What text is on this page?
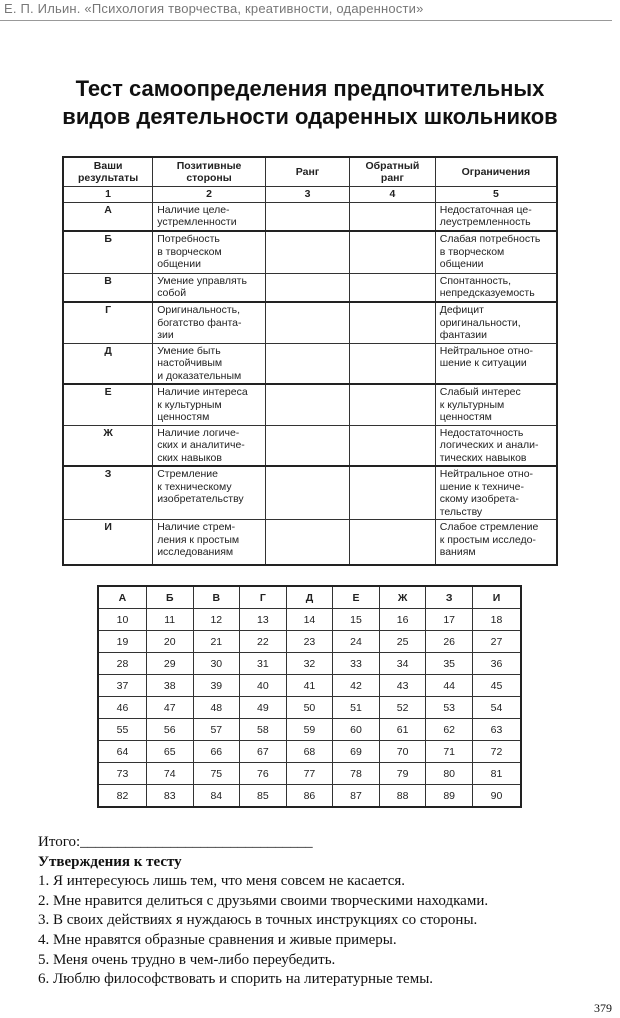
Е. П. Ильин. «Психология творчества, креативности, одаренности»
Тест самоопределения предпочтительных
видов деятельности одаренных школьников
Ваши
результаты	Позитивные
стороны	Ранг	Обратный
ранг	Ограничения
1	2	3	4	5
А	Наличие целе-
устремленности			Недостаточная це-
леустремленность
Б	Потребность
в творческом
общении			Слабая потребность
в творческом
общении
В	Умение управлять
собой			Спонтанность,
непредсказуемость
Г	Оригинальность,
богатство фанта-
зии			Дефицит
оригинальности,
фантазии
Д	Умение быть
настойчивым
и доказательным			Нейтральное отно-
шение к ситуации
Е	Наличие интереса
к культурным
ценностям			Слабый интерес
к культурным
ценностям
Ж	Наличие логиче-
ских и аналитиче-
ских навыков			Недостаточность
логических и анали-
тических навыков
З	Стремление
к техническому
изобретательству			Нейтральное отно-
шение к техниче-
скому изобрета-
тельству
И	Наличие стрем-
ления к простым
исследованиям			Слабое стремление
к простым исследо-
ваниям
А	Б	В	Г	Д	Е	Ж	З	И
10	11	12	13	14	15	16	17	18
19	20	21	22	23	24	25	26	27
28	29	30	31	32	33	34	35	36
37	38	39	40	41	42	43	44	45
46	47	48	49	50	51	52	53	54
55	56	57	58	59	60	61	62	63
64	65	66	67	68	69	70	71	72
73	74	75	76	77	78	79	80	81
82	83	84	85	86	87	88	89	90
Итого:_______________________________
Утверждения к тесту
1. Я интересуюсь лишь тем, что меня совсем не касается.
2. Мне нравится делиться с друзьями своими творческими находками.
3. В своих действиях я нуждаюсь в точных инструкциях со стороны.
4. Мне нравятся образные сравнения и живые примеры.
5. Меня очень трудно в чем-либо переубедить.
6. Люблю философствовать и спорить на литературные темы.
379
